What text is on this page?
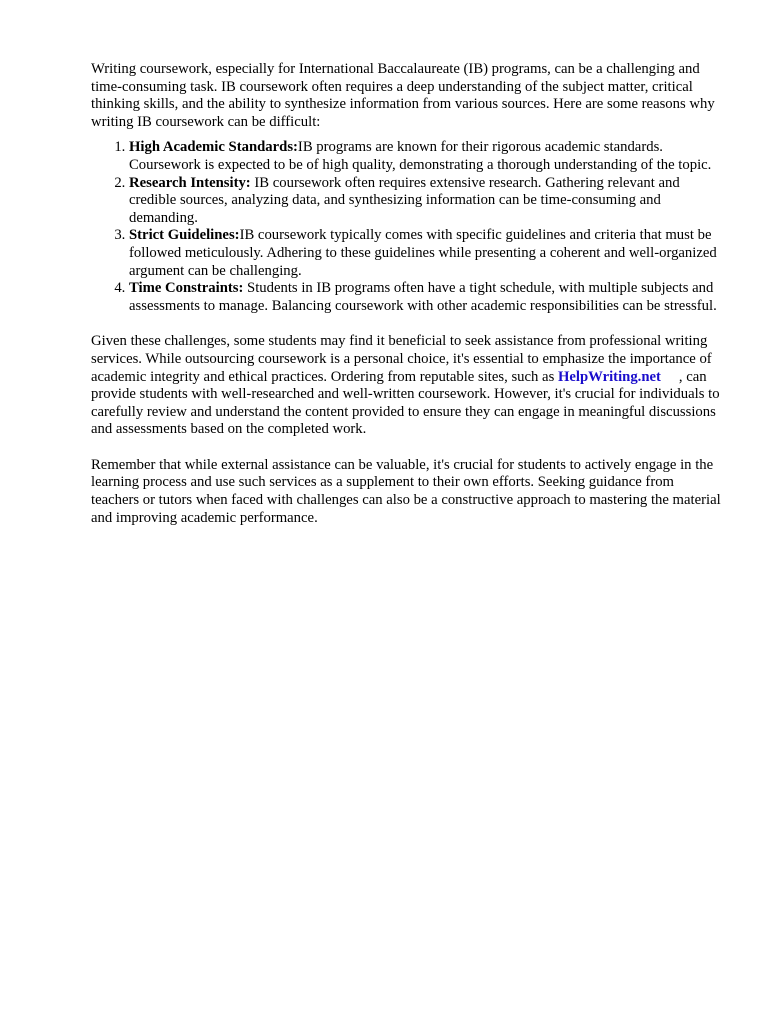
Writing coursework, especially for International Baccalaureate (IB) programs, can be a challenging and time-consuming task. IB coursework often requires a deep understanding of the subject matter, critical thinking skills, and the ability to synthesize information from various sources. Here are some reasons why writing IB coursework can be difficult:

1. High Academic Standards:IB programs are known for their rigorous academic standards. Coursework is expected to be of high quality, demonstrating a thorough understanding of the topic.
2. Research Intensity: IB coursework often requires extensive research. Gathering relevant and credible sources, analyzing data, and synthesizing information can be time-consuming and demanding.
3. Strict Guidelines:IB coursework typically comes with specific guidelines and criteria that must be followed meticulously. Adhering to these guidelines while presenting a coherent and well-organized argument can be challenging.
4. Time Constraints: Students in IB programs often have a tight schedule, with multiple subjects and assessments to manage. Balancing coursework with other academic responsibilities can be stressful.

Given these challenges, some students may find it beneficial to seek assistance from professional writing services. While outsourcing coursework is a personal choice, it's essential to emphasize the importance of academic integrity and ethical practices. Ordering from reputable sites, such as HelpWriting.net , can provide students with well-researched and well-written coursework. However, it's crucial for individuals to carefully review and understand the content provided to ensure they can engage in meaningful discussions and assessments based on the completed work.

Remember that while external assistance can be valuable, it's crucial for students to actively engage in the learning process and use such services as a supplement to their own efforts. Seeking guidance from teachers or tutors when faced with challenges can also be a constructive approach to mastering the material and improving academic performance.
